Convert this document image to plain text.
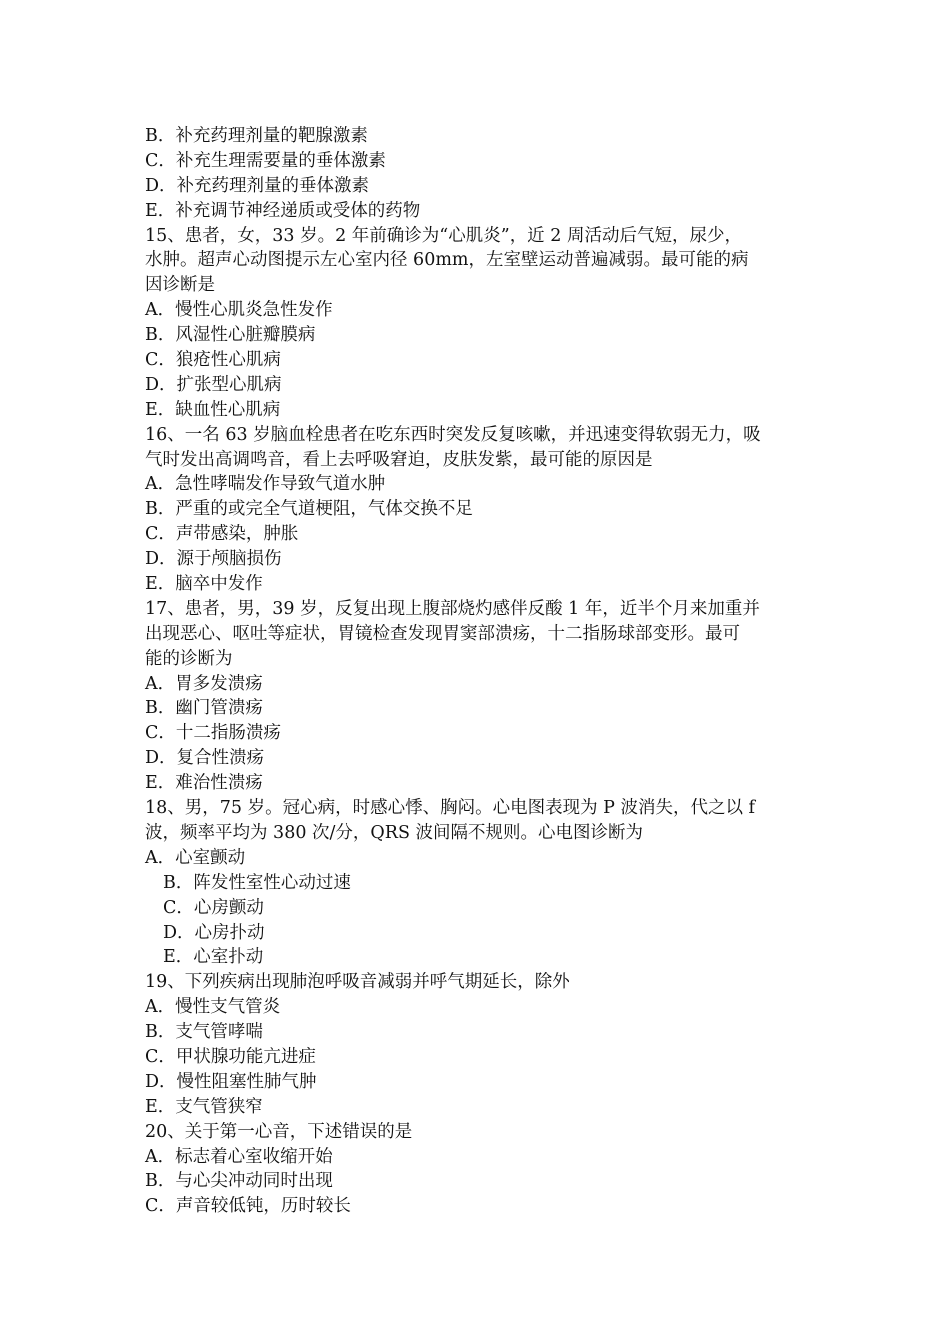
B．补充药理剂量的靶腺激素
C．补充生理需要量的垂体激素
D．补充药理剂量的垂体激素
E．补充调节神经递质或受体的药物
15、患者，女，33 岁。2 年前确诊为“心肌炎”，近 2 周活动后气短，尿少，
水肿。超声心动图提示左心室内径 60mm，左室壁运动普遍减弱。最可能的病
因诊断是
A．慢性心肌炎急性发作
B．风湿性心脏瓣膜病
C．狼疮性心肌病
D．扩张型心肌病
E．缺血性心肌病
16、一名 63 岁脑血栓患者在吃东西时突发反复咳嗽，并迅速变得软弱无力，吸
气时发出高调鸣音，看上去呼吸窘迫，皮肤发紫，最可能的原因是
A．急性哮喘发作导致气道水肿
B．严重的或完全气道梗阻，气体交换不足
C．声带感染，肿胀
D．源于颅脑损伤
E．脑卒中发作
17、患者，男，39 岁，反复出现上腹部烧灼感伴反酸 1 年，近半个月来加重并
出现恶心、呕吐等症状，胃镜检查发现胃窦部溃疡，十二指肠球部变形。最可
能的诊断为
A．胃多发溃疡
B．幽门管溃疡
C．十二指肠溃疡
D．复合性溃疡
E．难治性溃疡
18、男，75 岁。冠心病，时感心悸、胸闷。心电图表现为 P 波消失，代之以 f
波，频率平均为 380 次/分，QRS 波间隔不规则。心电图诊断为
A．心室颤动
B．阵发性室性心动过速
C．心房颤动
D．心房扑动
E．心室扑动
19、下列疾病出现肺泡呼吸音减弱并呼气期延长，除外
A．慢性支气管炎
B．支气管哮喘
C．甲状腺功能亢进症
D．慢性阻塞性肺气肿
E．支气管狭窄
20、关于第一心音，下述错误的是
A．标志着心室收缩开始
B．与心尖冲动同时出现
C．声音较低钝，历时较长
